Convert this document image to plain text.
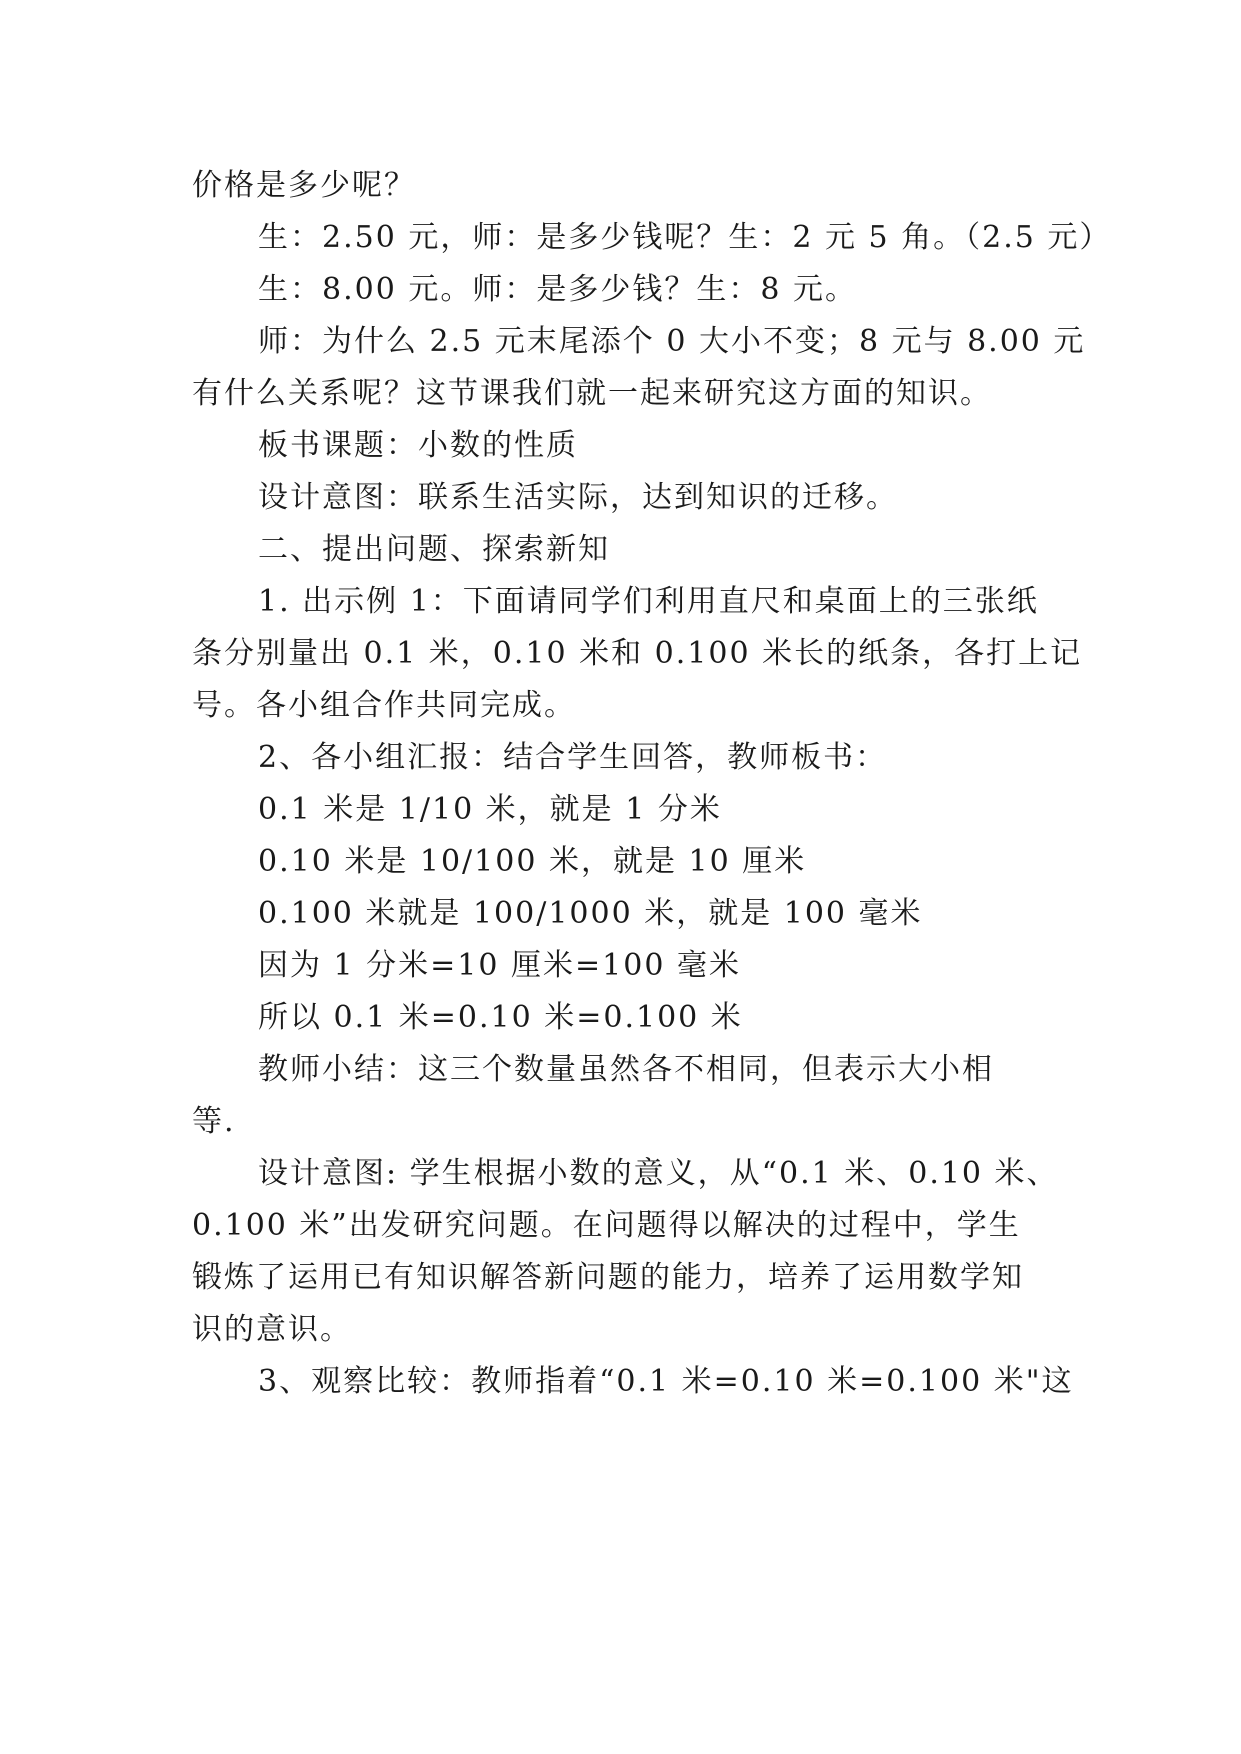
价格是多少呢？
生：2.50 元，师：是多少钱呢？生：2 元 5 角。（2.5 元）
生：8.00 元。师：是多少钱？生：8 元。
师：为什么 2.5 元末尾添个 0 大小不变；8 元与 8.00 元
有什么关系呢？这节课我们就一起来研究这方面的知识。
板书课题：小数的性质
设计意图：联系生活实际，达到知识的迁移。
二、提出问题、探索新知
1. 出示例 1：下面请同学们利用直尺和桌面上的三张纸
条分别量出 0.1 米，0.10 米和 0.100 米长的纸条，各打上记
号。各小组合作共同完成。
2、各小组汇报：结合学生回答，教师板书：
0.1 米是 1/10 米，就是 1 分米
0.10 米是 10/100 米，就是 10 厘米
0.100 米就是 100/1000 米，就是 100 毫米
因为 1 分米=10 厘米=100 毫米
所以 0.1 米=0.10 米=0.100 米
教师小结：这三个数量虽然各不相同，但表示大小相
等.
设计意图: 学生根据小数的意义，从“0.1 米、0.10 米、
0.100 米”出发研究问题。在问题得以解决的过程中，学生
锻炼了运用已有知识解答新问题的能力，培养了运用数学知
识的意识。
3、观察比较：教师指着“0.1 米=0.10 米=0.100 米"这
